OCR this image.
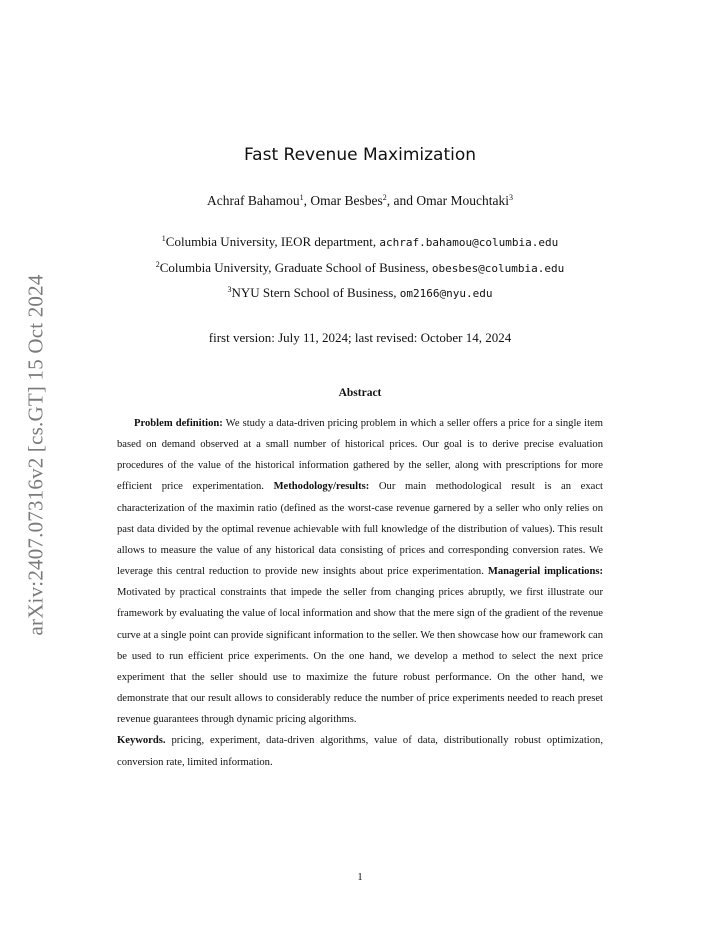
arXiv:2407.07316v2 [cs.GT] 15 Oct 2024
Fast Revenue Maximization
Achraf Bahamou$^1$, Omar Besbes$^2$, and Omar Mouchtaki$^3$
$^1$Columbia University, IEOR department, achraf.bahamou@columbia.edu
$^2$Columbia University, Graduate School of Business, obesbes@columbia.edu
$^3$NYU Stern School of Business, om2166@nyu.edu
first version: July 11, 2024; last revised: October 14, 2024
Abstract

Problem definition: We study a data-driven pricing problem in which a seller offers a price for a single item based on demand observed at a small number of historical prices. Our goal is to derive precise evaluation procedures of the value of the historical information gathered by the seller, along with prescriptions for more efficient price experimentation. Methodology/results: Our main methodological result is an exact characterization of the maximin ratio (defined as the worst-case revenue garnered by a seller who only relies on past data divided by the optimal revenue achievable with full knowledge of the distribution of values). This result allows to measure the value of any historical data consisting of prices and corresponding conversion rates. We leverage this central reduction to provide new insights about price experimentation. Managerial implications: Motivated by practical constraints that impede the seller from changing prices abruptly, we first illustrate our framework by evaluating the value of local information and show that the mere sign of the gradient of the revenue curve at a single point can provide significant information to the seller. We then showcase how our framework can be used to run efficient price experiments. On the one hand, we develop a method to select the next price experiment that the seller should use to maximize the future robust performance. On the other hand, we demonstrate that our result allows to considerably reduce the number of price experiments needed to reach preset revenue guarantees through dynamic pricing algorithms.

Keywords. pricing, experiment, data-driven algorithms, value of data, distributionally robust optimization, conversion rate, limited information.

1
